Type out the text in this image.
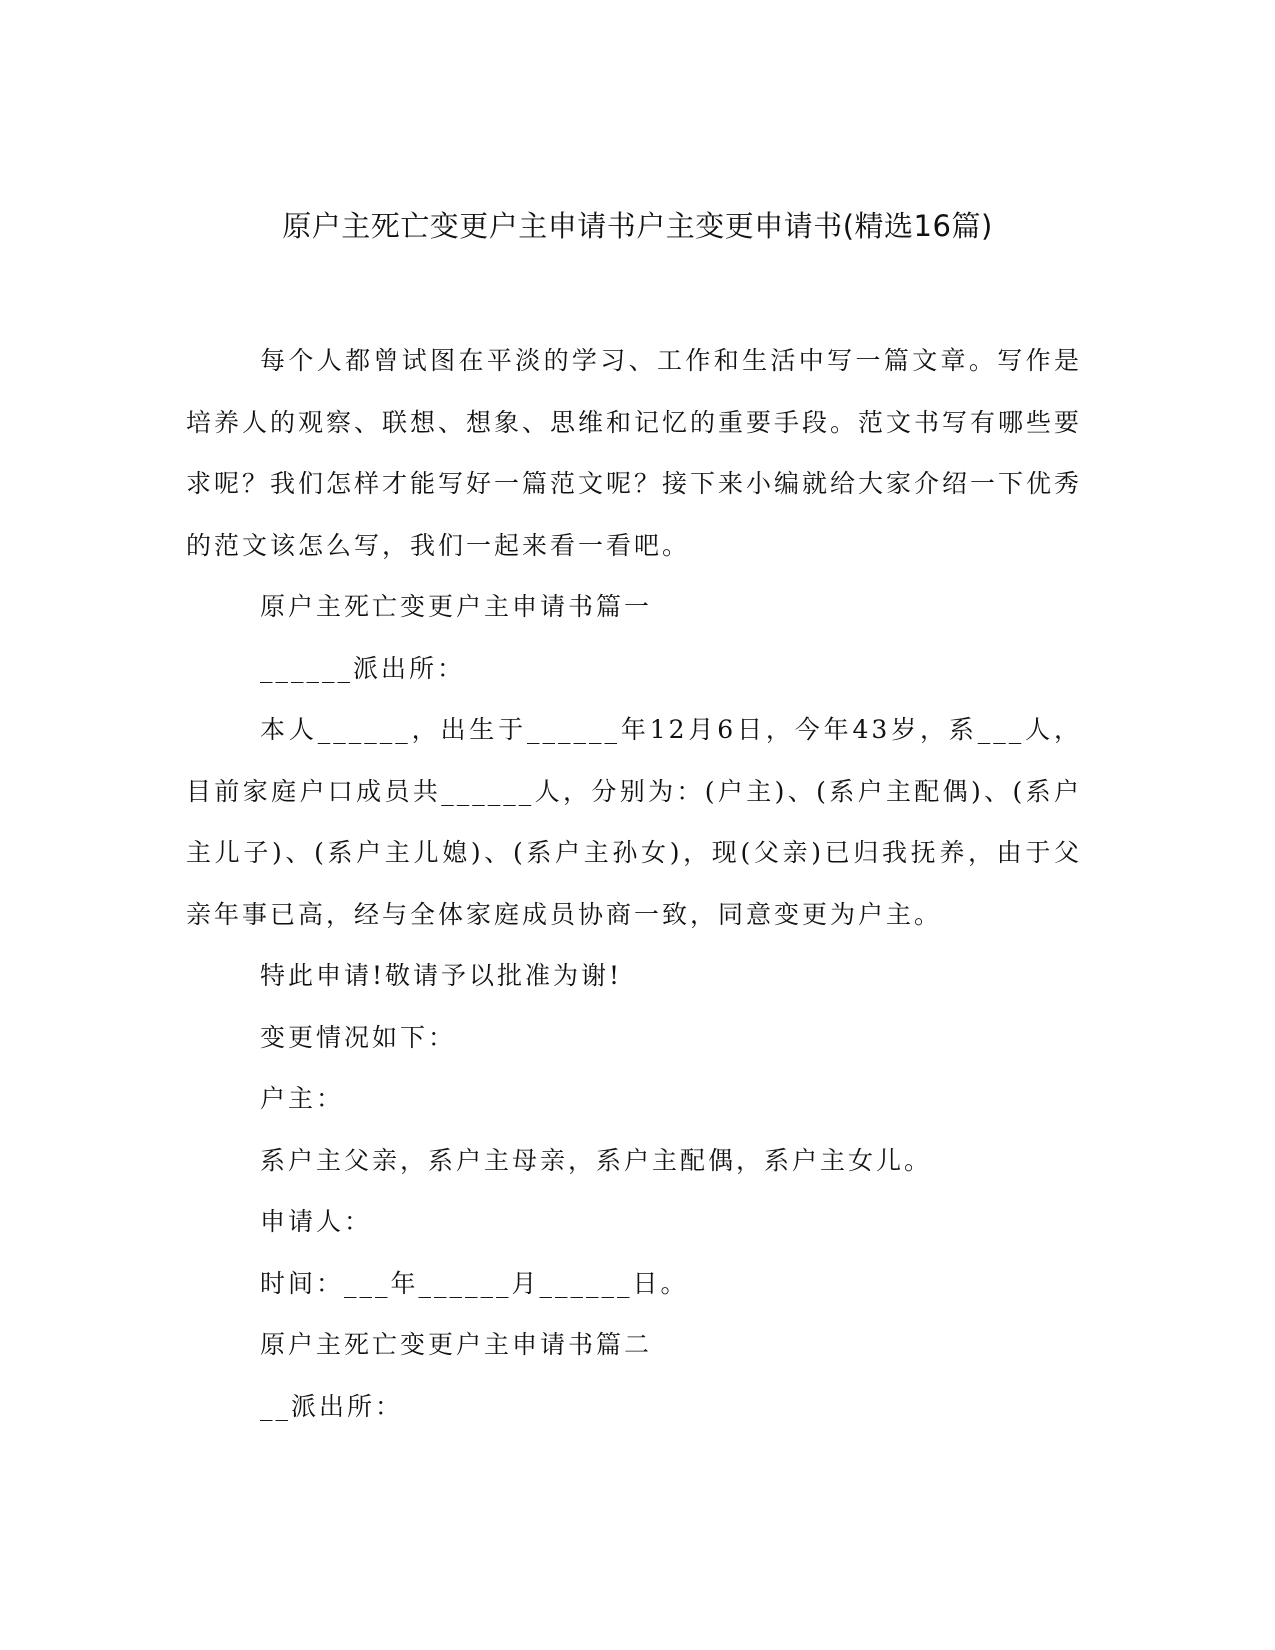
原户主死亡变更户主申请书户主变更申请书(精选16篇)

每个人都曾试图在平淡的学习、工作和生活中写一篇文章。写作是培养人的观察、联想、想象、思维和记忆的重要手段。范文书写有哪些要求呢？我们怎样才能写好一篇范文呢？接下来小编就给大家介绍一下优秀的范文该怎么写，我们一起来看一看吧。

原户主死亡变更户主申请书篇一

______派出所：

本人______，出生于______年12月6日，今年43岁，系___人，目前家庭户口成员共______人，分别为：(户主)、(系户主配偶)、(系户主儿子)、(系户主儿媳)、(系户主孙女)，现(父亲)已归我抚养，由于父亲年事已高，经与全体家庭成员协商一致，同意变更为户主。

特此申请!敬请予以批准为谢!

变更情况如下：

户主：

系户主父亲，系户主母亲，系户主配偶，系户主女儿。

申请人：

时间：___年______月______日。

原户主死亡变更户主申请书篇二

__派出所：
